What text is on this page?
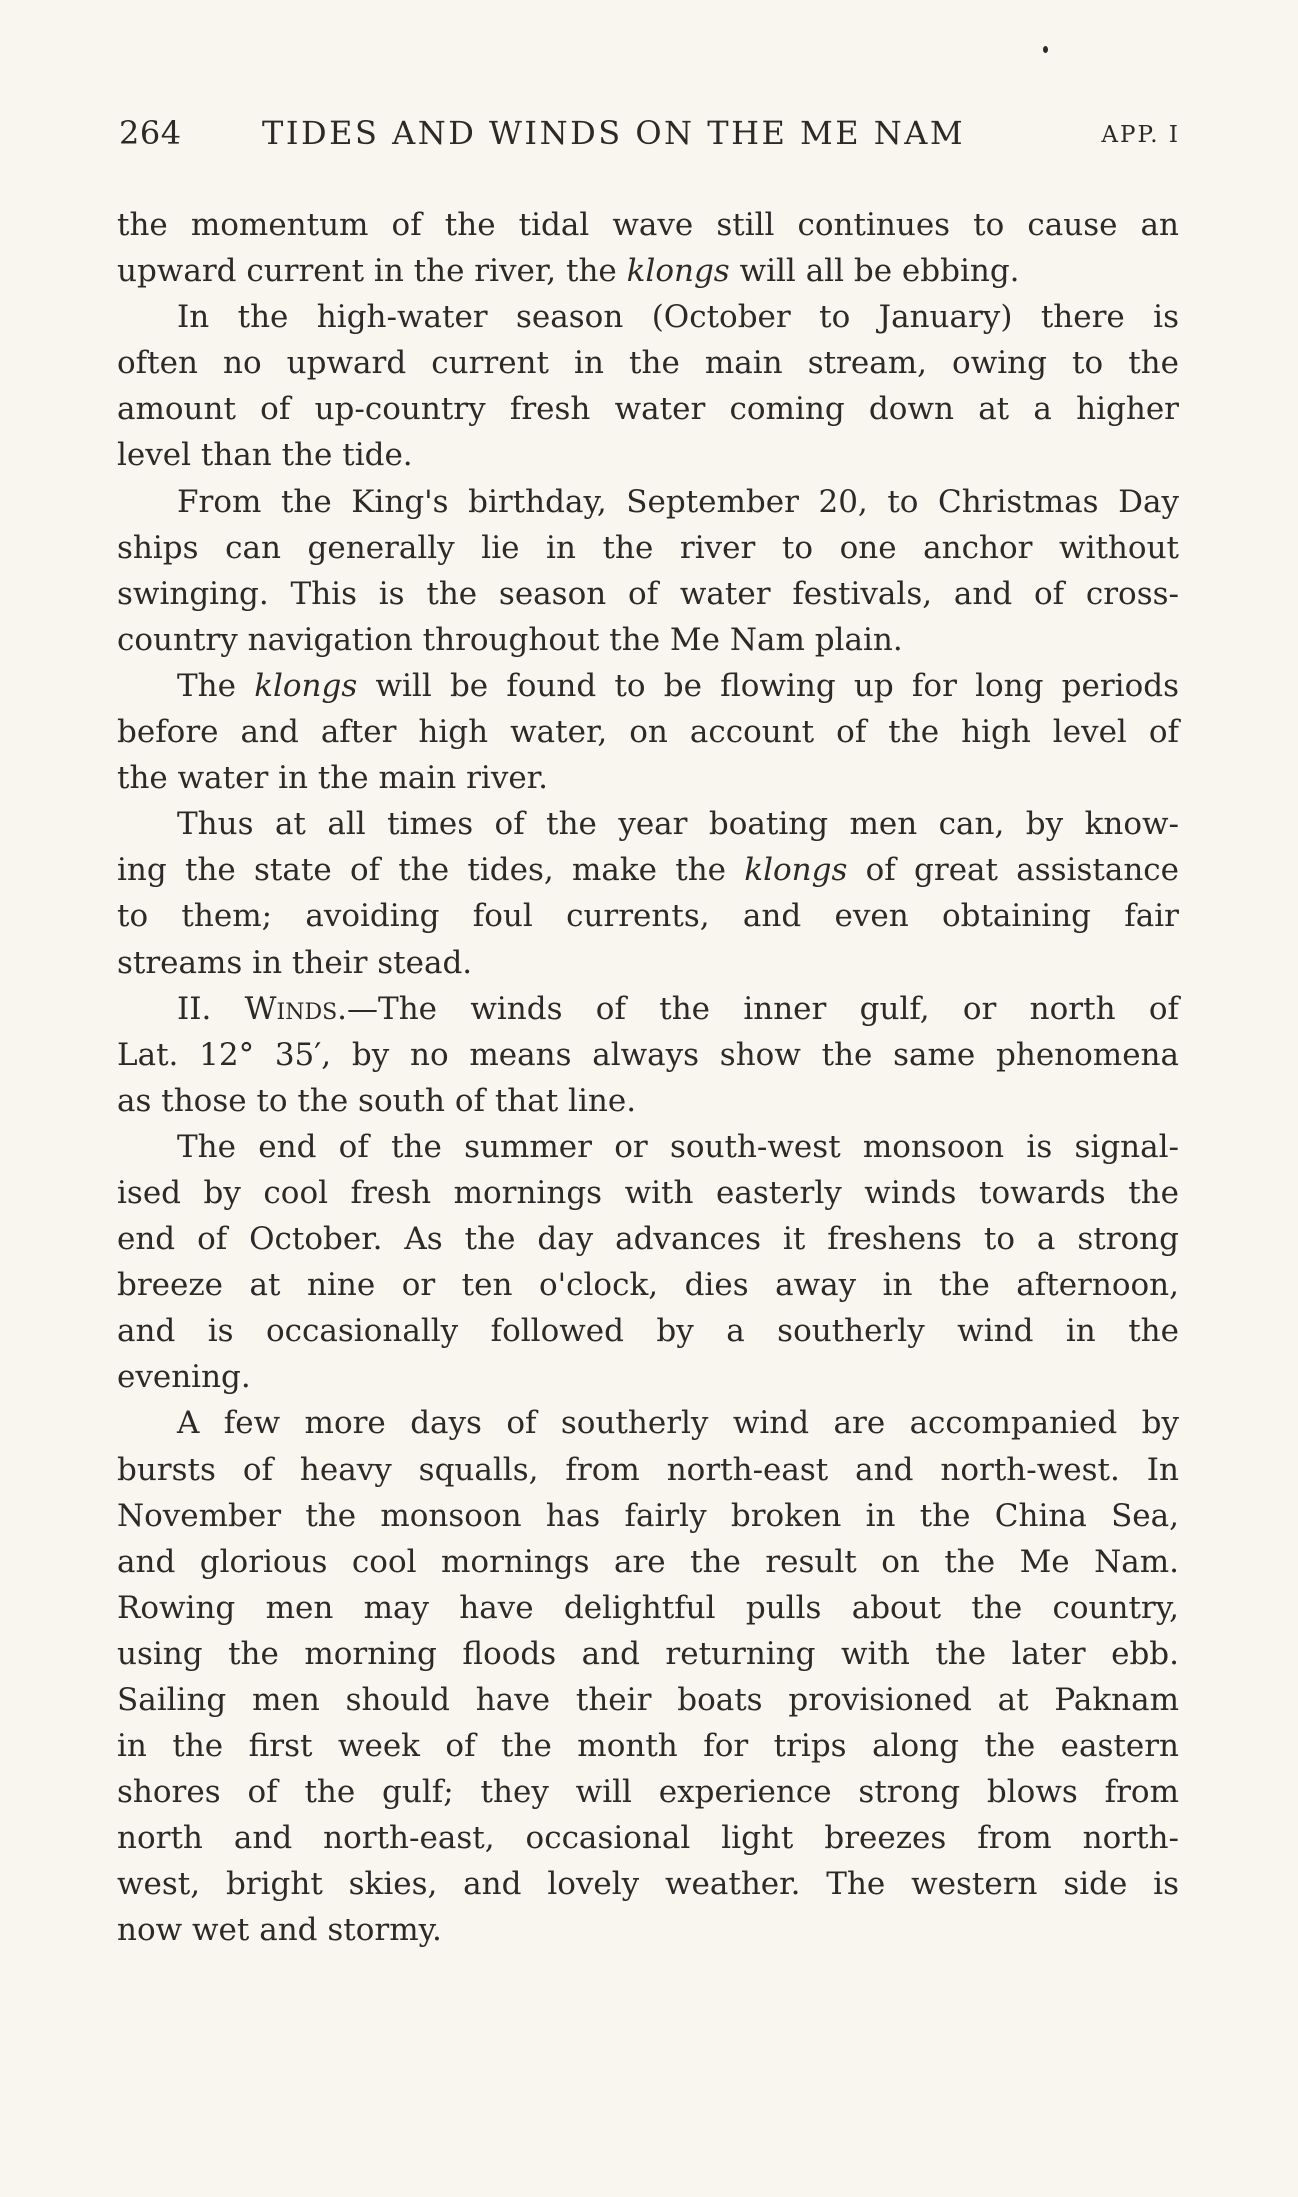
264	TIDES AND WINDS ON THE ME NAM	APP. I
the momentum of the tidal wave still continues to cause an
upward current in the river, the klongs will all be ebbing.
In the high-water season (October to January) there is
often no upward current in the main stream, owing to the
amount of up-country fresh water coming down at a higher
level than the tide.
From the King's birthday, September 20, to Christmas Day
ships can generally lie in the river to one anchor without
swinging. This is the season of water festivals, and of cross-
country navigation throughout the Me Nam plain.
The klongs will be found to be flowing up for long periods
before and after high water, on account of the high level of
the water in the main river.
Thus at all times of the year boating men can, by know-
ing the state of the tides, make the klongs of great assistance
to them; avoiding foul currents, and even obtaining fair
streams in their stead.
II. Winds.—The winds of the inner gulf, or north of
Lat. 12° 35′, by no means always show the same phenomena
as those to the south of that line.
The end of the summer or south-west monsoon is signal-
ised by cool fresh mornings with easterly winds towards the
end of October. As the day advances it freshens to a strong
breeze at nine or ten o'clock, dies away in the afternoon,
and is occasionally followed by a southerly wind in the
evening.
A few more days of southerly wind are accompanied by
bursts of heavy squalls, from north-east and north-west. In
November the monsoon has fairly broken in the China Sea,
and glorious cool mornings are the result on the Me Nam.
Rowing men may have delightful pulls about the country,
using the morning floods and returning with the later ebb.
Sailing men should have their boats provisioned at Paknam
in the first week of the month for trips along the eastern
shores of the gulf; they will experience strong blows from
north and north-east, occasional light breezes from north-
west, bright skies, and lovely weather. The western side is
now wet and stormy.
